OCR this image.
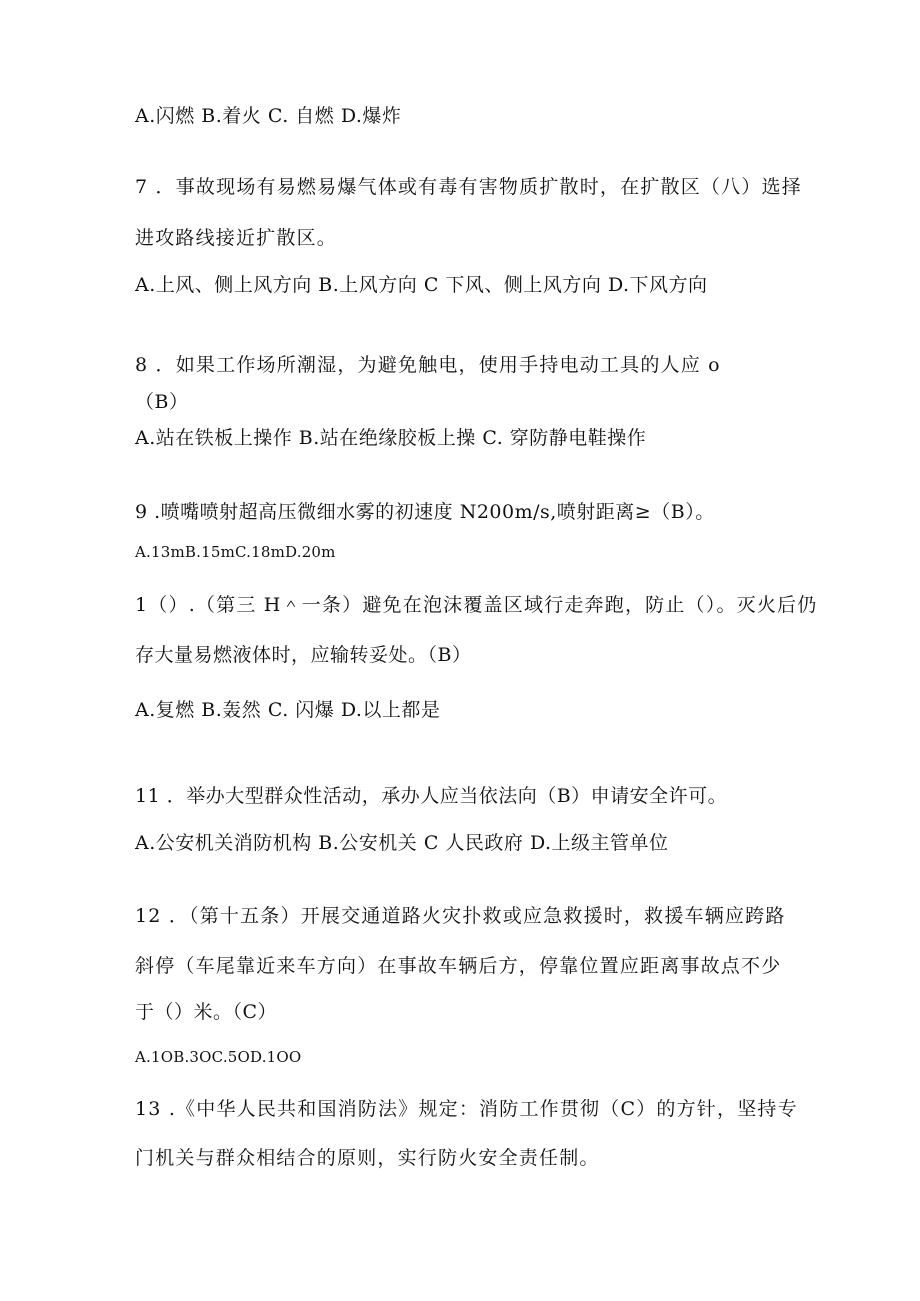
A.闪燃 B.着火 C. 自燃 D.爆炸
7 ．事故现场有易燃易爆气体或有毒有害物质扩散时，在扩散区（八）选择
进攻路线接近扩散区。
A.上风、侧上风方向 B.上风方向 C 下风、侧上风方向 D.下风方向
8 ．如果工作场所潮湿，为避免触电，使用手持电动工具的人应 o
（B）
A.站在铁板上操作 B.站在绝缘胶板上操 C. 穿防静电鞋操作
9 .喷嘴喷射超高压微细水雾的初速度 N200m/s,喷射距离≥（B）。
A.13mB.15mC.18mD.20m
1（）.（第三 H＾一条）避免在泡沫覆盖区域行走奔跑，防止（）。灭火后仍
存大量易燃液体时，应输转妥处。（B）
A.复燃 B.轰然 C. 闪爆 D.以上都是
11 ．举办大型群众性活动，承办人应当依法向（B）申请安全许可。
A.公安机关消防机构 B.公安机关 C 人民政府 D.上级主管单位
12 ．（第十五条）开展交通道路火灾扑救或应急救援时，救援车辆应跨路
斜停（车尾靠近来车方向）在事故车辆后方，停靠位置应距离事故点不少
于（）米。（C）
A.1OB.3OC.5OD.1OO
13 .《中华人民共和国消防法》规定：消防工作贯彻（C）的方针，坚持专
门机关与群众相结合的原则，实行防火安全责任制。
